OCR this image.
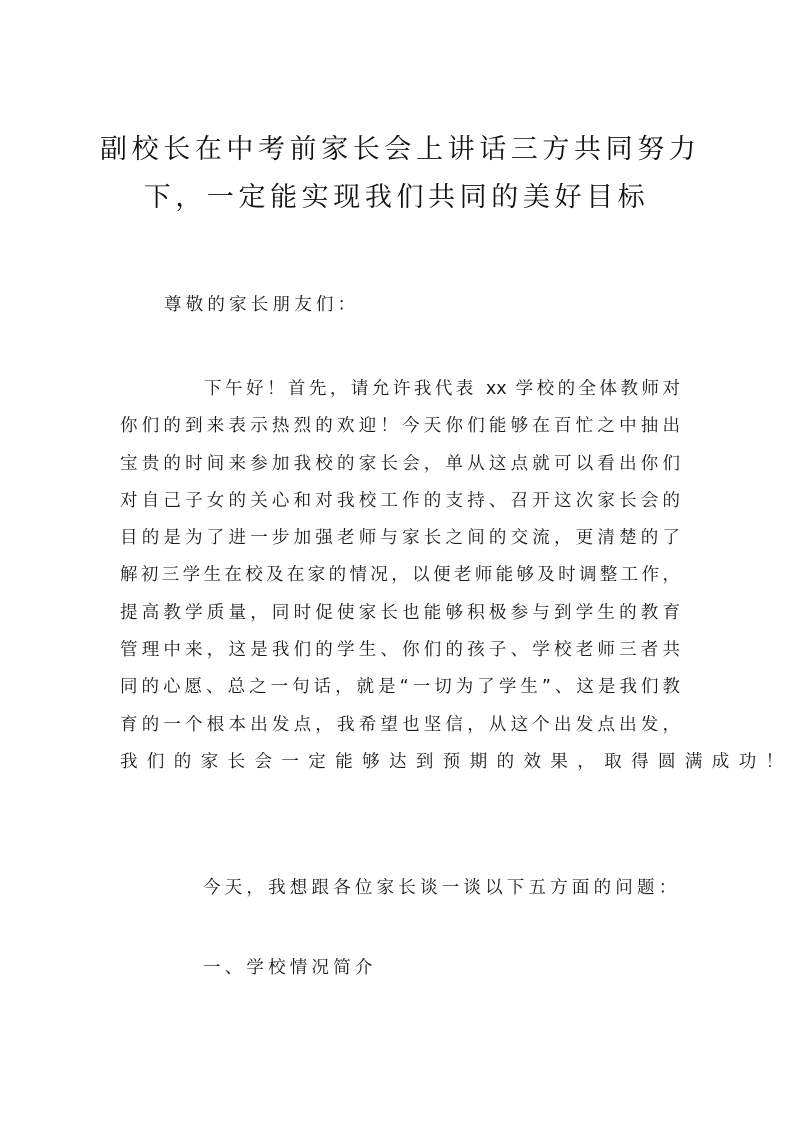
副校长在中考前家长会上讲话三方共同努力
下，一定能实现我们共同的美好目标
尊敬的家长朋友们：
下午好！首先，请允许我代表 xx 学校的全体教师对
你们的到来表示热烈的欢迎！今天你们能够在百忙之中抽出
宝贵的时间来参加我校的家长会，单从这点就可以看出你们
对自己子女的关心和对我校工作的支持、召开这次家长会的
目的是为了进一步加强老师与家长之间的交流，更清楚的了
解初三学生在校及在家的情况，以便老师能够及时调整工作，
提高教学质量，同时促使家长也能够积极参与到学生的教育
管理中来，这是我们的学生、你们的孩子、学校老师三者共
同的心愿、总之一句话，就是“一切为了学生”、这是我们教
育的一个根本出发点，我希望也坚信，从这个出发点出发，
我们的家长会一定能够达到预期的效果，取得圆满成功！
今天，我想跟各位家长谈一谈以下五方面的问题：
一、学校情况简介
